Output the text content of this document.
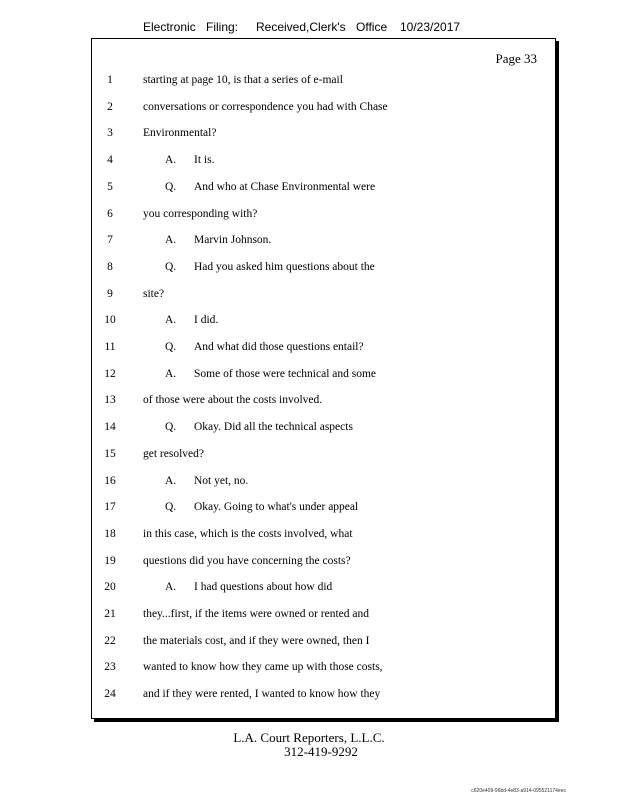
Electronic Filing: Received,Clerk's Office 10/23/2017
Page 33
1	starting at page 10, is that a series of e-mail
2	conversations or correspondence you had with Chase
3	Environmental?
4	A. It is.
5	Q. And who at Chase Environmental were
6	you corresponding with?
7	A. Marvin Johnson.
8	Q. Had you asked him questions about the
9	site?
10	A. I did.
11	Q. And what did those questions entail?
12	A. Some of those were technical and some
13	of those were about the costs involved.
14	Q. Okay. Did all the technical aspects
15	get resolved?
16	A. Not yet, no.
17	Q. Okay. Going to what's under appeal
18	in this case, which is the costs involved, what
19	questions did you have concerning the costs?
20	A. I had questions about how did
21	they...first, if the items were owned or rented and
22	the materials cost, and if they were owned, then I
23	wanted to know how they came up with those costs,
24	and if they were rented, I wanted to know how they
L.A. Court Reporters, L.L.C.
312-419-9292
c620e409-96bd-4e83-a914-095521174eec
